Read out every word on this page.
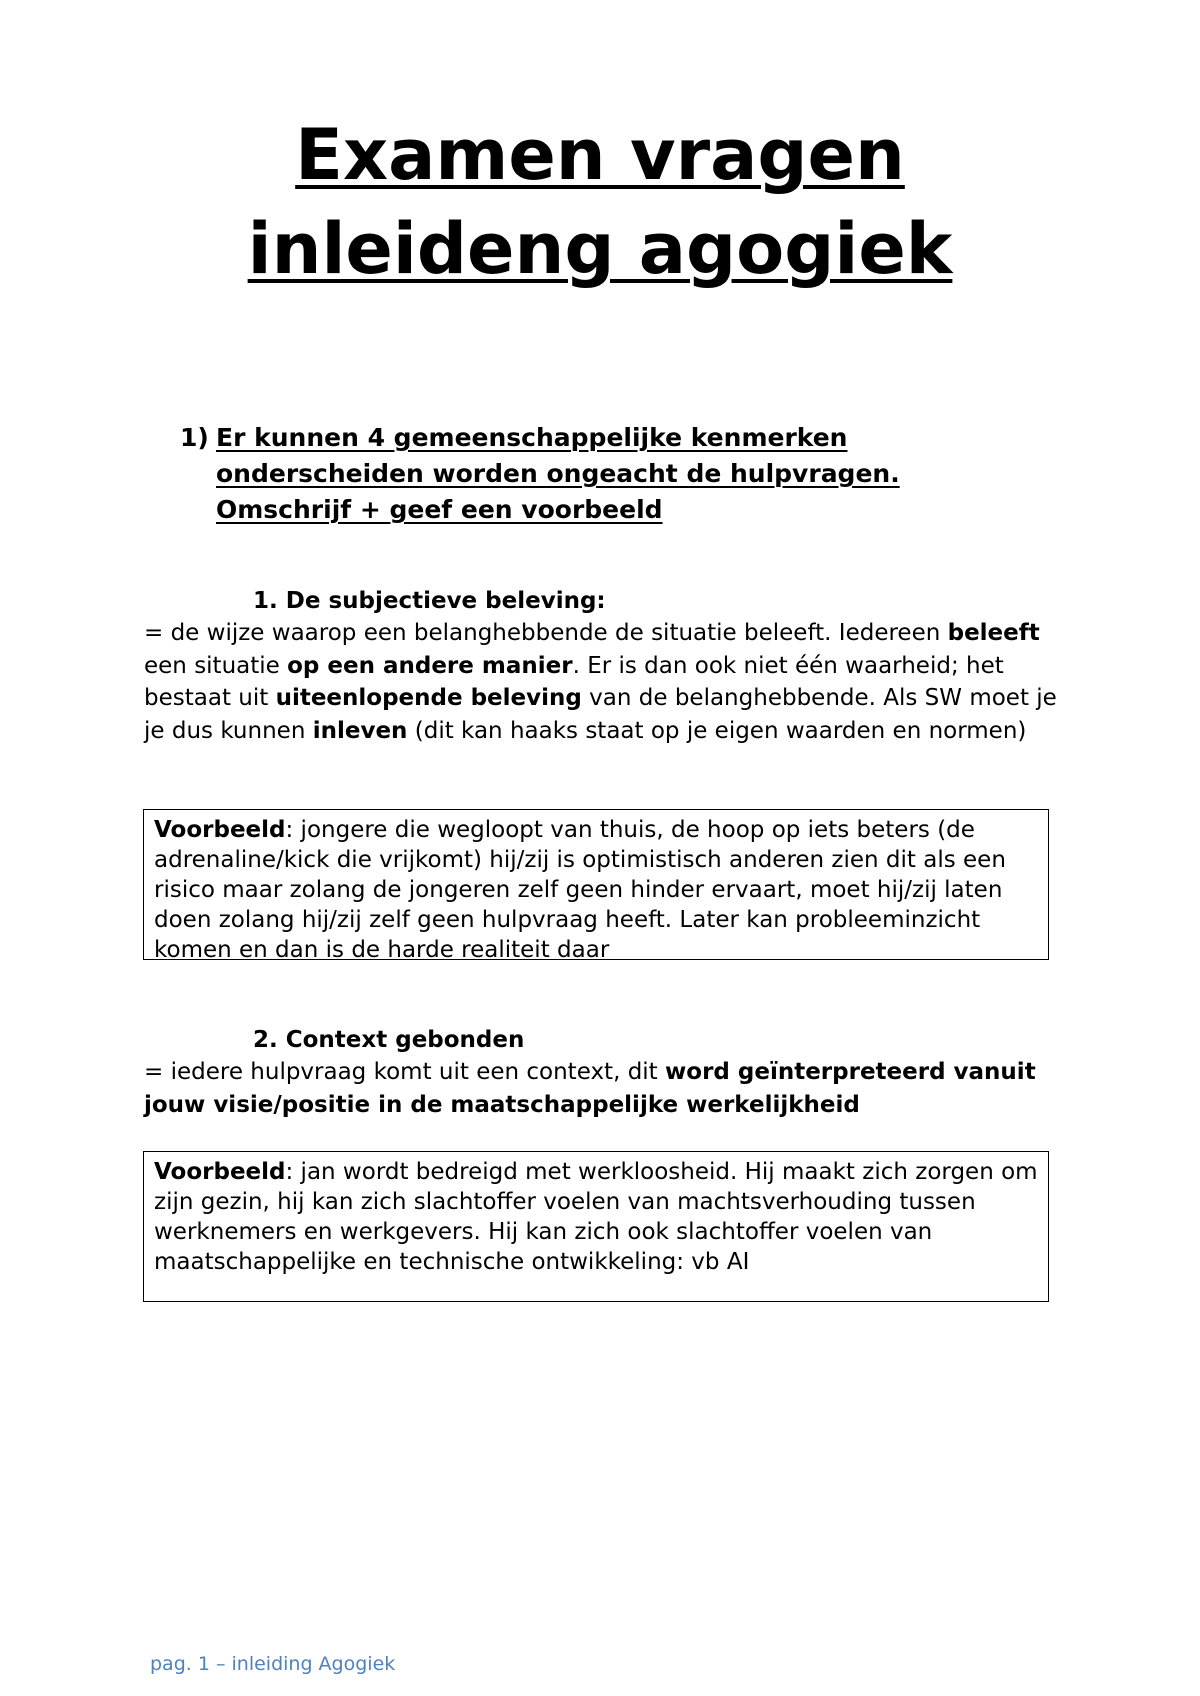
Examen vragen
inleideng agogiek
1) Er kunnen 4 gemeenschappelijke kenmerken
onderscheiden worden ongeacht de hulpvragen.
Omschrijf + geef een voorbeeld
1. De subjectieve beleving:
= de wijze waarop een belanghebbende de situatie beleeft. Iedereen beleeft een situatie op een andere manier. Er is dan ook niet één waarheid; het bestaat uit uiteenlopende beleving van de belanghebbende. Als SW moet je je dus kunnen inleven (dit kan haaks staat op je eigen waarden en normen)
Voorbeeld: jongere die wegloopt van thuis, de hoop op iets beters (de adrenaline/kick die vrijkomt) hij/zij is optimistisch anderen zien dit als een risico maar zolang de jongeren zelf geen hinder ervaart, moet hij/zij laten doen zolang hij/zij zelf geen hulpvraag heeft. Later kan probleeminzicht komen en dan is de harde realiteit daar
2. Context gebonden
= iedere hulpvraag komt uit een context, dit word geïnterpreteerd vanuit jouw visie/positie in de maatschappelijke werkelijkheid
Voorbeeld: jan wordt bedreigd met werkloosheid. Hij maakt zich zorgen om zijn gezin, hij kan zich slachtoffer voelen van machtsverhouding tussen werknemers en werkgevers. Hij kan zich ook slachtoffer voelen van maatschappelijke en technische ontwikkeling: vb AI
pag. 1 – inleiding Agogiek
